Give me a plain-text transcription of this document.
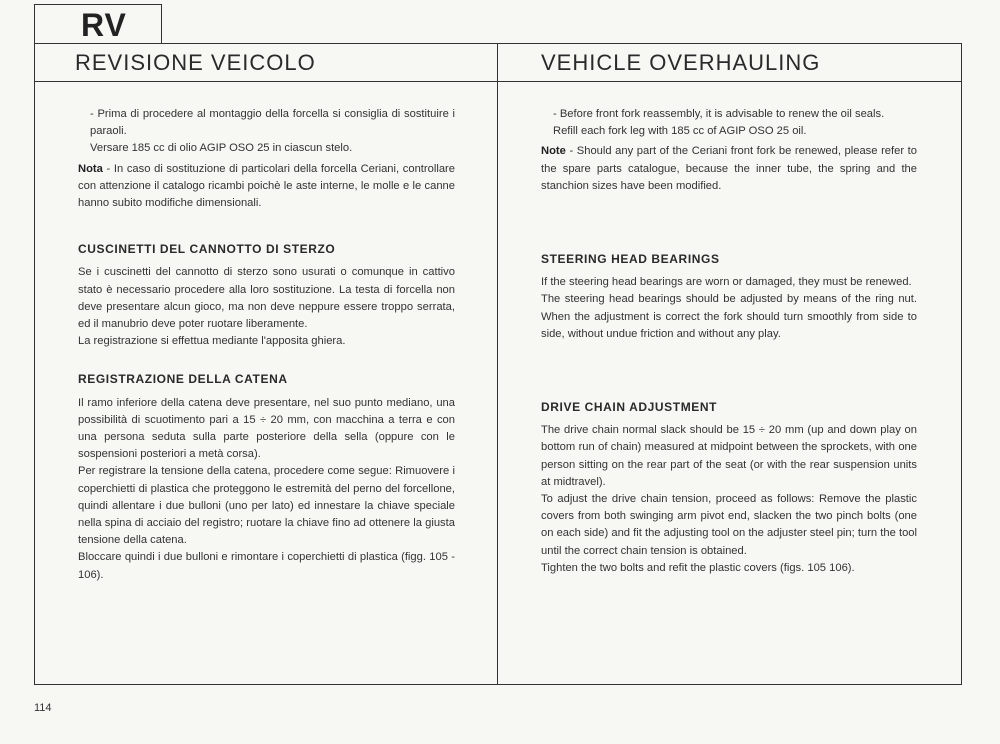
RV
REVISIONE VEICOLO	VEHICLE OVERHAULING

- Prima di procedere al montaggio della forcella si consiglia di sostituire i paraoli.

Versare 185 cc di olio AGIP OSO 25 in ciascun stelo.

Nota - In caso di sostituzione di particolari della forcella Ceriani, controllare con attenzione il catalogo ricambi poichè le aste interne, le molle e le canne hanno subito modifiche dimensionali.

CUSCINETTI DEL CANNOTTO DI STERZO

Se i cuscinetti del cannotto di sterzo sono usurati o comunque in cattivo stato è necessario procedere alla loro sostituzione. La testa di forcella non deve presentare alcun gioco, ma non deve neppure essere troppo serrata, ed il manubrio deve poter ruotare liberamente.

La registrazione si effettua mediante l'apposita ghiera.

REGISTRAZIONE DELLA CATENA

Il ramo inferiore della catena deve presentare, nel suo punto mediano, una possibilità di scuotimento pari a 15 ÷ 20 mm, con macchina a terra e con una persona seduta sulla parte posteriore della sella (oppure con le sospensioni posteriori a metà corsa).

Per registrare la tensione della catena, procedere come segue: Rimuovere i coperchietti di plastica che proteggono le estremità del perno del forcellone, quindi allentare i due bulloni (uno per lato) ed innestare la chiave speciale nella spina di acciaio del registro; ruotare la chiave fino ad ottenere la giusta tensione della catena.

Bloccare quindi i due bulloni e rimontare i coperchietti di plastica (figg. 105 - 106).

- Before front fork reassembly, it is advisable to renew the oil seals.

Refill each fork leg with 185 cc of AGIP OSO 25 oil.

Note - Should any part of the Ceriani front fork be renewed, please refer to the spare parts catalogue, because the inner tube, the spring and the stanchion sizes have been modified.

STEERING HEAD BEARINGS

If the steering head bearings are worn or damaged, they must be renewed.

The steering head bearings should be adjusted by means of the ring nut. When the adjustment is correct the fork should turn smoothly from side to side, without undue friction and without any play.

DRIVE CHAIN ADJUSTMENT

The drive chain normal slack should be 15 ÷ 20 mm (up and down play on bottom run of chain) measured at midpoint between the sprockets, with one person sitting on the rear part of the seat (or with the rear suspension units at midtravel).

To adjust the drive chain tension, proceed as follows: Remove the plastic covers from both swinging arm pivot end, slacken the two pinch bolts (one on each side) and fit the adjusting tool on the adjuster steel pin; turn the tool until the correct chain tension is obtained.

Tighten the two bolts and refit the plastic covers (figs. 105 106).

114
